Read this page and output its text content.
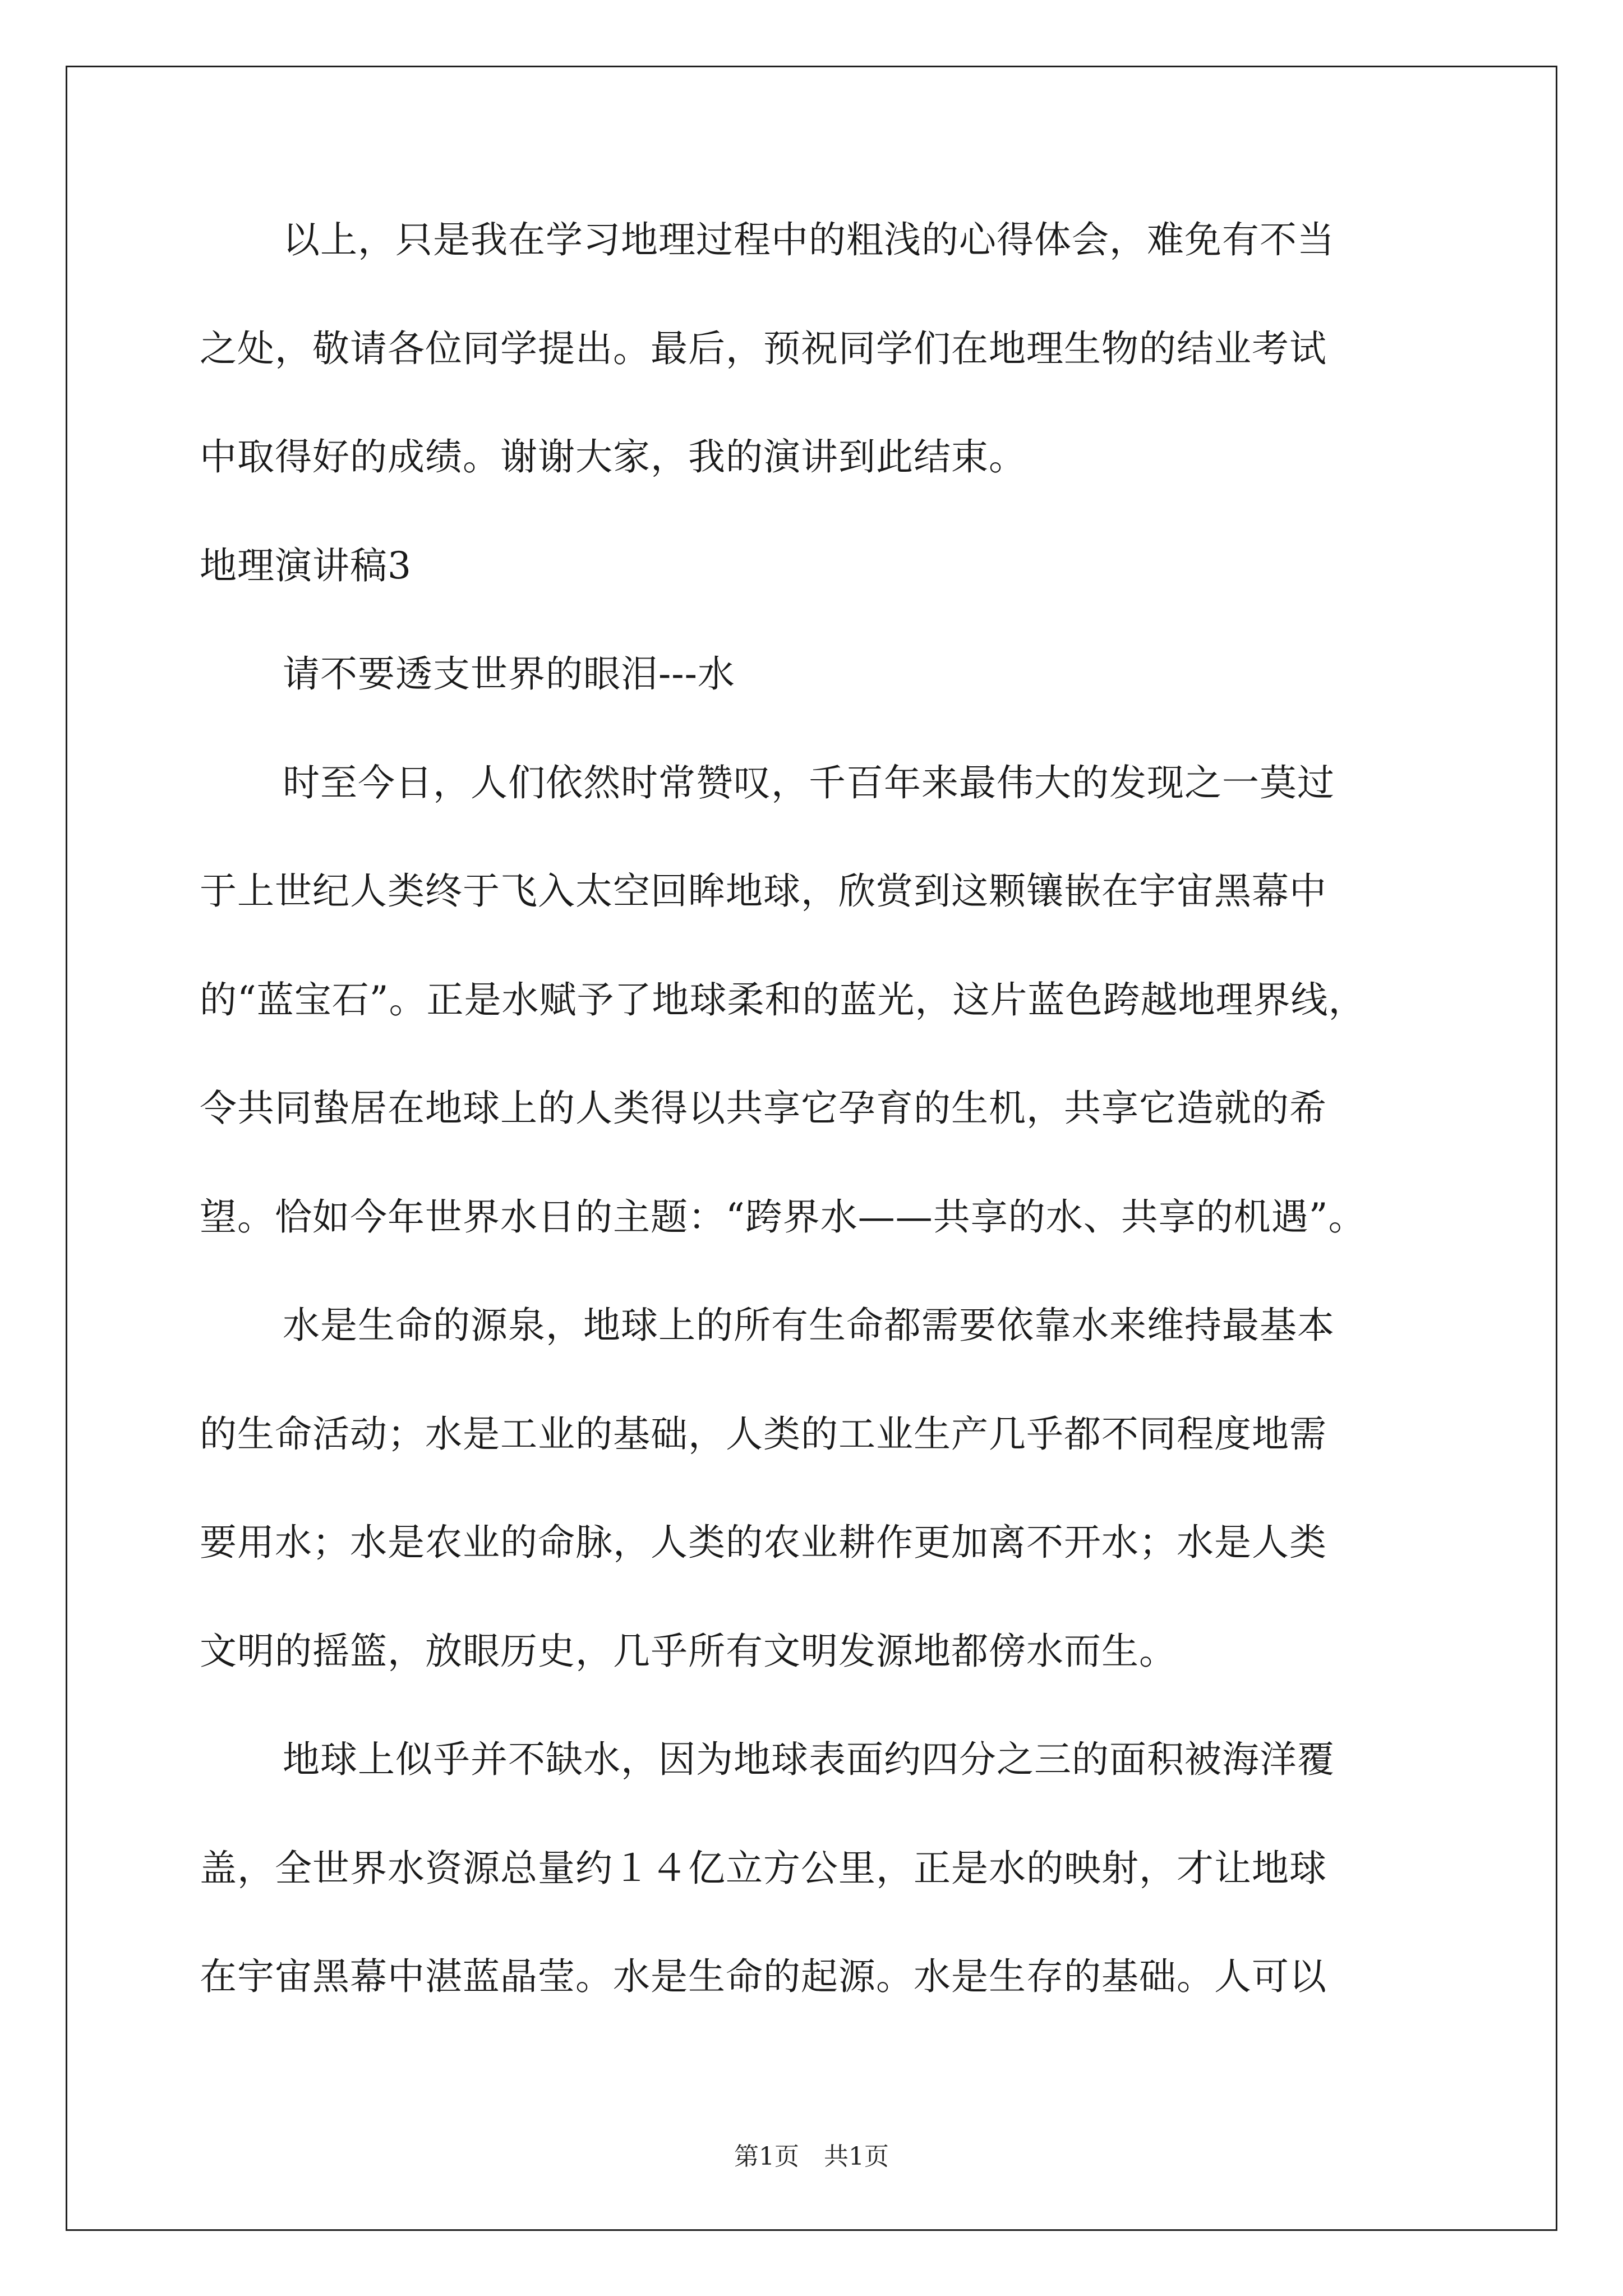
以上，只是我在学习地理过程中的粗浅的心得体会，难免有不当
之处，敬请各位同学提出。最后，预祝同学们在地理生物的结业考试
中取得好的成绩。谢谢大家，我的演讲到此结束。
地理演讲稿3
请不要透支世界的眼泪---水
时至今日，人们依然时常赞叹，千百年来最伟大的发现之一莫过
于上世纪人类终于飞入太空回眸地球，欣赏到这颗镶嵌在宇宙黑幕中
的“蓝宝石”。正是水赋予了地球柔和的蓝光，这片蓝色跨越地理界线，
令共同蛰居在地球上的人类得以共享它孕育的生机，共享它造就的希
望。恰如今年世界水日的主题：“跨界水——共享的水、共享的机遇”。
水是生命的源泉，地球上的所有生命都需要依靠水来维持最基本
的生命活动；水是工业的基础，人类的工业生产几乎都不同程度地需
要用水；水是农业的命脉，人类的农业耕作更加离不开水；水是人类
文明的摇篮，放眼历史，几乎所有文明发源地都傍水而生。
地球上似乎并不缺水，因为地球表面约四分之三的面积被海洋覆
盖，全世界水资源总量约１４亿立方公里，正是水的映射，才让地球
在宇宙黑幕中湛蓝晶莹。水是生命的起源。水是生存的基础。人可以
第1页　共1页
